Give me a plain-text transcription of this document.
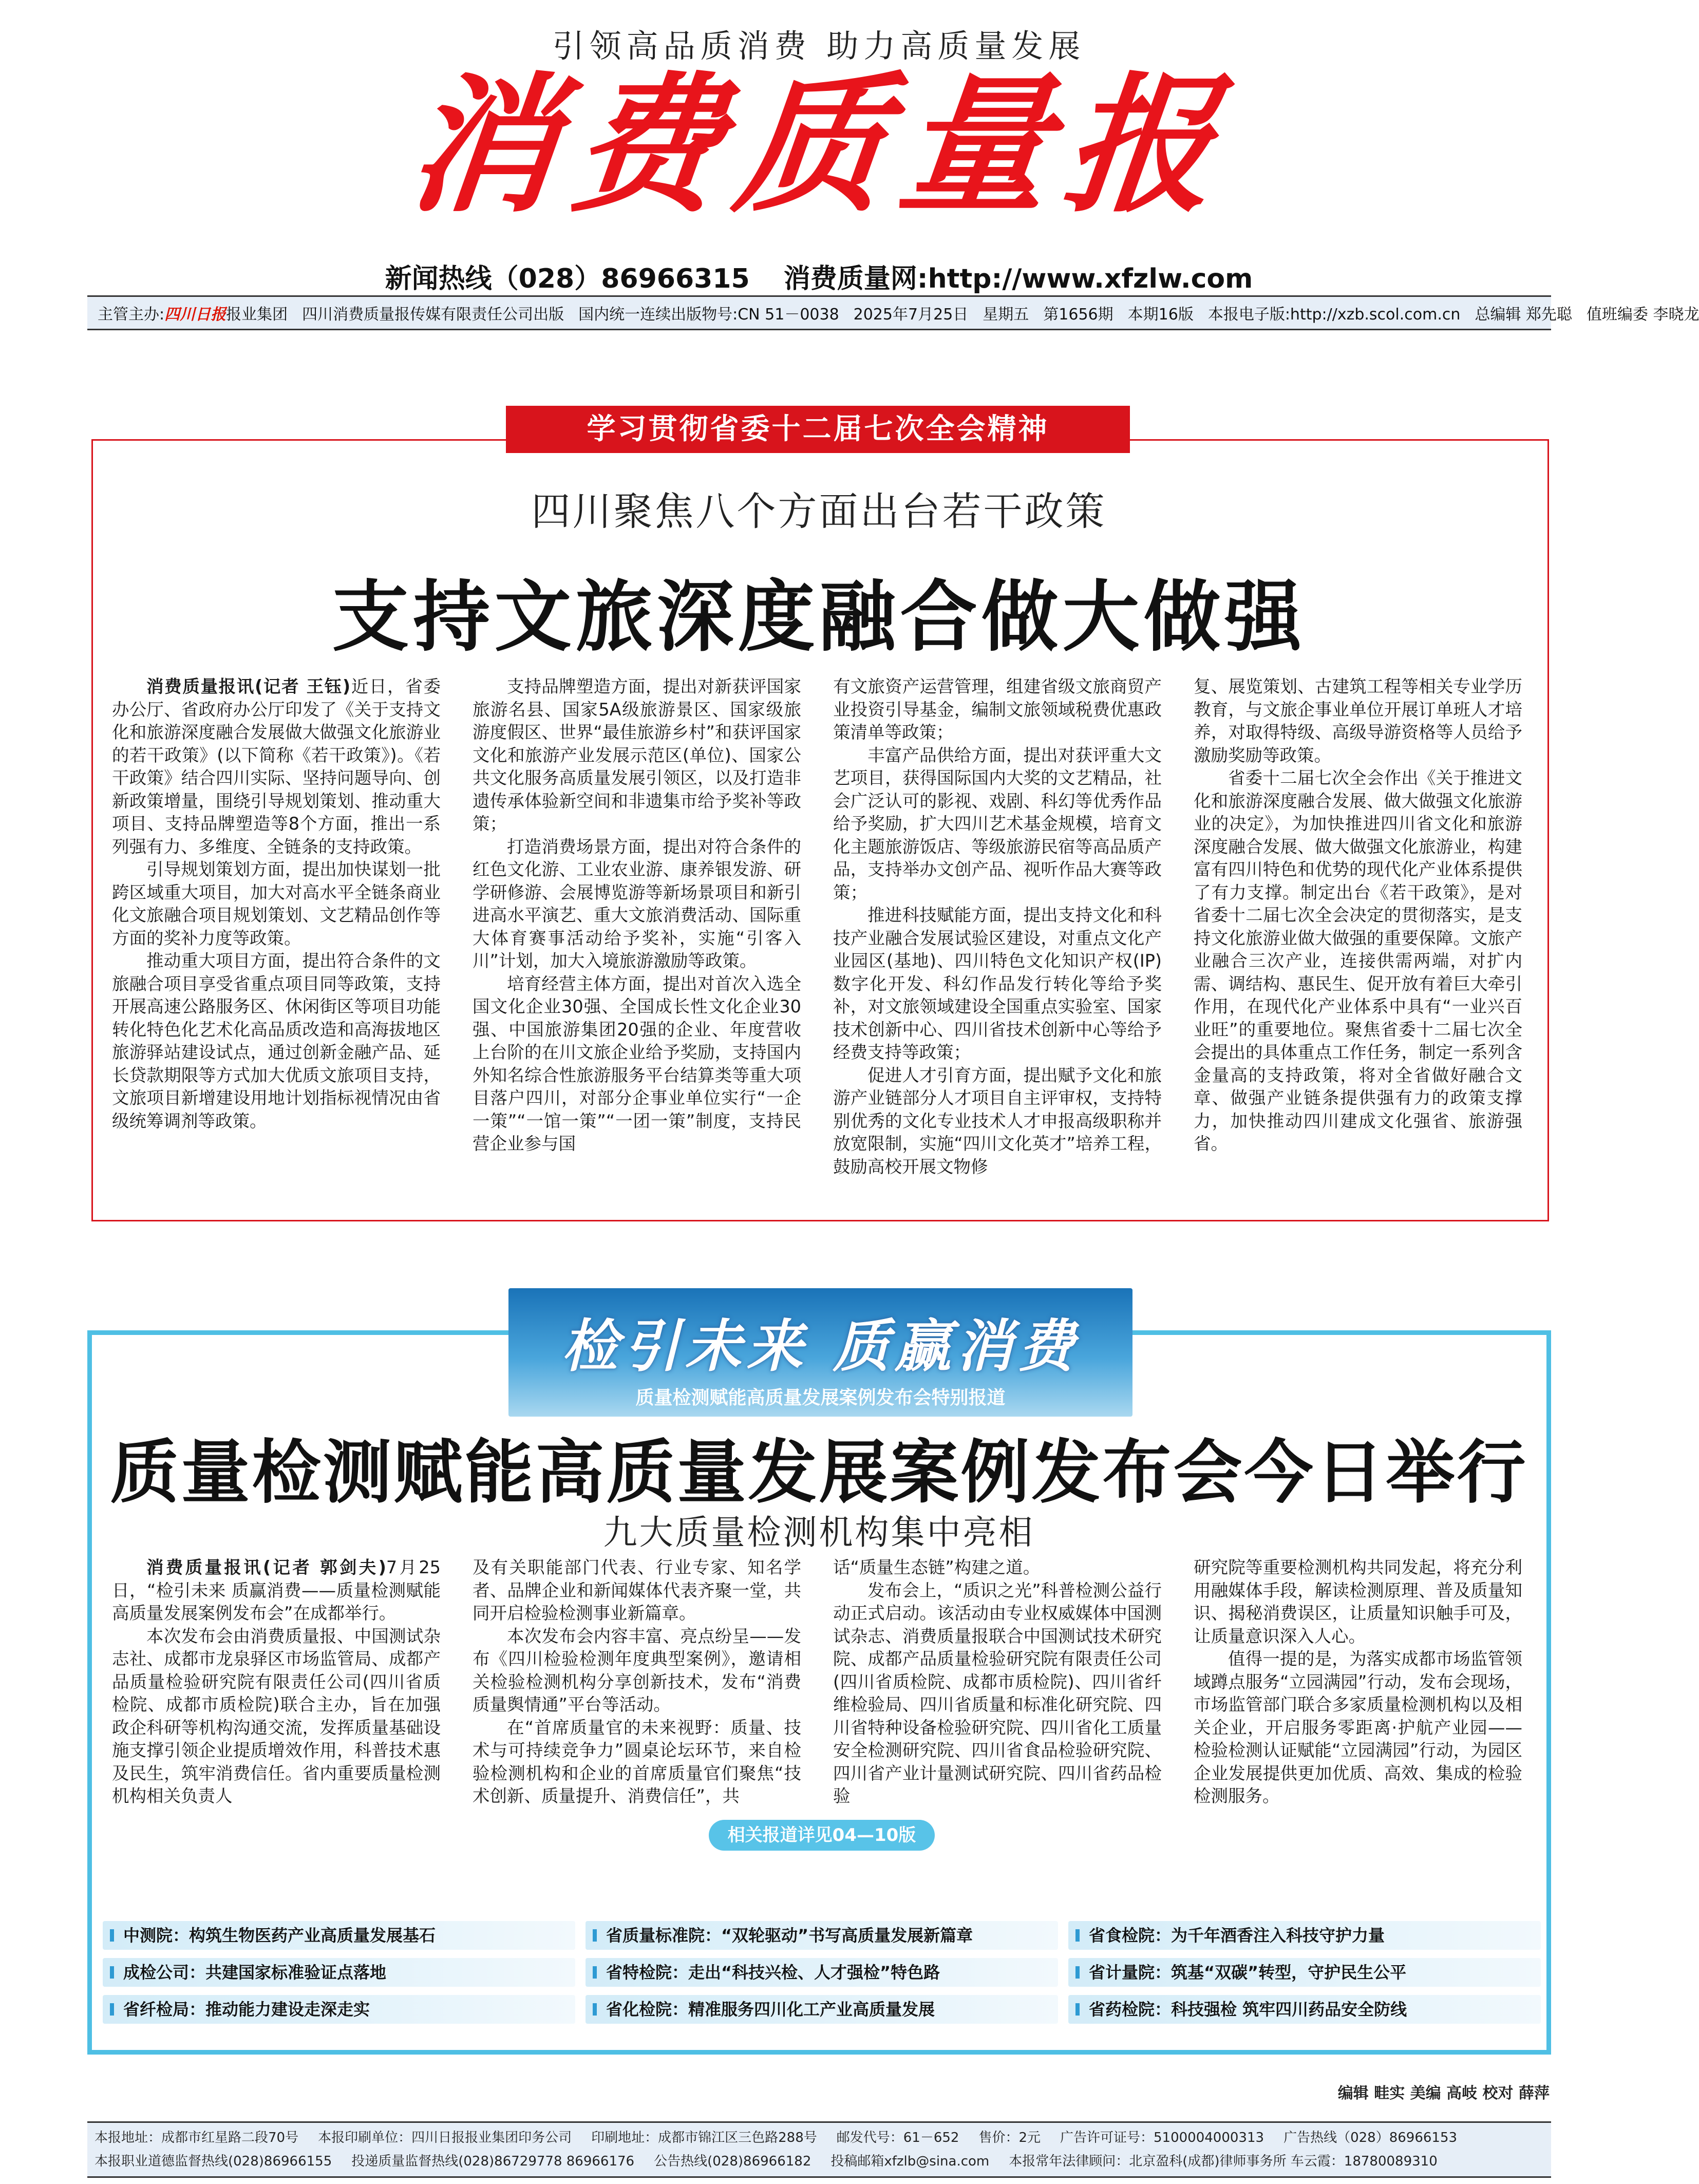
引领高品质消费 助力高质量发展
消费质量报
新闻热线（028）86966315 消费质量网:http://www.xfzlw.com
主管主办:四川日报报业集团 四川消费质量报传媒有限责任公司出版 国内统一连续出版物号:CN 51－0038 2025年7月25日 星期五 第1656期 本期16版 本报电子版:http://xzb.scol.com.cn 总编辑 郑先聪 值班编委 李晓龙
学习贯彻省委十二届七次全会精神
四川聚焦八个方面出台若干政策
支持文旅深度融合做大做强

消费质量报讯(记者 王钰)近日，省委办公厅、省政府办公厅印发了《关于支持文化和旅游深度融合发展做大做强文化旅游业的若干政策》(以下简称《若干政策》)。《若干政策》结合四川实际、坚持问题导向、创新政策增量，围绕引导规划策划、推动重大项目、支持品牌塑造等8个方面，推出一系列强有力、多维度、全链条的支持政策。

引导规划策划方面，提出加快谋划一批跨区域重大项目，加大对高水平全链条商业化文旅融合项目规划策划、文艺精品创作等方面的奖补力度等政策。

推动重大项目方面，提出符合条件的文旅融合项目享受省重点项目同等政策，支持开展高速公路服务区、休闲街区等项目功能转化特色化艺术化高品质改造和高海拔地区旅游驿站建设试点，通过创新金融产品、延长贷款期限等方式加大优质文旅项目支持，文旅项目新增建设用地计划指标视情况由省级统筹调剂等政策。

支持品牌塑造方面，提出对新获评国家旅游名县、国家5A级旅游景区、国家级旅游度假区、世界“最佳旅游乡村”和获评国家文化和旅游产业发展示范区(单位)、国家公共文化服务高质量发展引领区，以及打造非遗传承体验新空间和非遗集市给予奖补等政策；

打造消费场景方面，提出对符合条件的红色文化游、工业农业游、康养银发游、研学研修游、会展博览游等新场景项目和新引进高水平演艺、重大文旅消费活动、国际重大体育赛事活动给予奖补，实施“引客入川”计划，加大入境旅游激励等政策。

培育经营主体方面，提出对首次入选全国文化企业30强、全国成长性文化企业30强、中国旅游集团20强的企业、年度营收上台阶的在川文旅企业给予奖励，支持国内外知名综合性旅游服务平台结算类等重大项目落户四川，对部分企事业单位实行“一企一策”“一馆一策”“一团一策”制度，支持民营企业参与国

有文旅资产运营管理，组建省级文旅商贸产业投资引导基金，编制文旅领域税费优惠政策清单等政策；

丰富产品供给方面，提出对获评重大文艺项目，获得国际国内大奖的文艺精品，社会广泛认可的影视、戏剧、科幻等优秀作品给予奖励，扩大四川艺术基金规模，培育文化主题旅游饭店、等级旅游民宿等高品质产品，支持举办文创产品、视听作品大赛等政策；

推进科技赋能方面，提出支持文化和科技产业融合发展试验区建设，对重点文化产业园区(基地)、四川特色文化知识产权(IP)数字化开发、科幻作品发行转化等给予奖补，对文旅领域建设全国重点实验室、国家技术创新中心、四川省技术创新中心等给予经费支持等政策；

促进人才引育方面，提出赋予文化和旅游产业链部分人才项目自主评审权，支持特别优秀的文化专业技术人才申报高级职称并放宽限制，实施“四川文化英才”培养工程，鼓励高校开展文物修

复、展览策划、古建筑工程等相关专业学历教育，与文旅企事业单位开展订单班人才培养，对取得特级、高级导游资格等人员给予激励奖励等政策。

省委十二届七次全会作出《关于推进文化和旅游深度融合发展、做大做强文化旅游业的决定》，为加快推进四川省文化和旅游深度融合发展、做大做强文化旅游业，构建富有四川特色和优势的现代化产业体系提供了有力支撑。制定出台《若干政策》，是对省委十二届七次全会决定的贯彻落实，是支持文化旅游业做大做强的重要保障。文旅产业融合三次产业，连接供需两端，对扩内需、调结构、惠民生、促开放有着巨大牵引作用，在现代化产业体系中具有“一业兴百业旺”的重要地位。聚焦省委十二届七次全会提出的具体重点工作任务，制定一系列含金量高的支持政策，将对全省做好融合文章、做强产业链条提供强有力的政策支撑力，加快推动四川建成文化强省、旅游强省。

检引未来 质赢消费
质量检测赋能高质量发展案例发布会特别报道
质量检测赋能高质量发展案例发布会今日举行
九大质量检测机构集中亮相

消费质量报讯(记者 郭剑夫)7月25日，“检引未来 质赢消费——质量检测赋能高质量发展案例发布会”在成都举行。

本次发布会由消费质量报、中国测试杂志社、成都市龙泉驿区市场监管局、成都产品质量检验研究院有限责任公司(四川省质检院、成都市质检院)联合主办，旨在加强政企科研等机构沟通交流，发挥质量基础设施支撑引领企业提质增效作用，科普技术惠及民生，筑牢消费信任。省内重要质量检测机构相关负责人

及有关职能部门代表、行业专家、知名学者、品牌企业和新闻媒体代表齐聚一堂，共同开启检验检测事业新篇章。

本次发布会内容丰富、亮点纷呈——发布《四川检验检测年度典型案例》，邀请相关检验检测机构分享创新技术，发布“消费质量舆情通”平台等活动。

在“首席质量官的未来视野：质量、技术与可持续竞争力”圆桌论坛环节，来自检验检测机构和企业的首席质量官们聚焦“技术创新、质量提升、消费信任”，共

话“质量生态链”构建之道。

发布会上，“质识之光”科普检测公益行动正式启动。该活动由专业权威媒体中国测试杂志、消费质量报联合中国测试技术研究院、成都产品质量检验研究院有限责任公司(四川省质检院、成都市质检院)、四川省纤维检验局、四川省质量和标准化研究院、四川省特种设备检验研究院、四川省化工质量安全检测研究院、四川省食品检验研究院、四川省产业计量测试研究院、四川省药品检验

研究院等重要检测机构共同发起，将充分利用融媒体手段，解读检测原理、普及质量知识、揭秘消费误区，让质量知识触手可及，让质量意识深入人心。

值得一提的是，为落实成都市场监管领域蹲点服务“立园满园”行动，发布会现场，市场监管部门联合多家质量检测机构以及相关企业，开启服务零距离·护航产业园——检验检测认证赋能“立园满园”行动，为园区企业发展提供更加优质、高效、集成的检验检测服务。

相关报道详见04—10版
中测院：构筑生物医药产业高质量发展基石	省质量标准院：“双轮驱动”书写高质量发展新篇章	省食检院：为千年酒香注入科技守护力量
成检公司：共建国家标准验证点落地	省特检院：走出“科技兴检、人才强检”特色路	省计量院：筑基“双碳”转型，守护民生公平
省纤检局：推动能力建设走深走实	省化检院：精准服务四川化工产业高质量发展	省药检院：科技强检 筑牢四川药品安全防线
编辑 畦实 美编 高岐 校对 薛萍
本报地址：成都市红星路二段70号 本报印刷单位：四川日报报业集团印务公司 印刷地址：成都市锦江区三色路288号 邮发代号：61－652 售价：2元 广告许可证号：5100004000313 广告热线（028）86966153
本报职业道德监督热线(028)86966155 投递质量监督热线(028)86729778 86966176 公告热线(028)86966182 投稿邮箱xfzlb@sina.com 本报常年法律顾问：北京盈科(成都)律师事务所 车云霞：18780089310
